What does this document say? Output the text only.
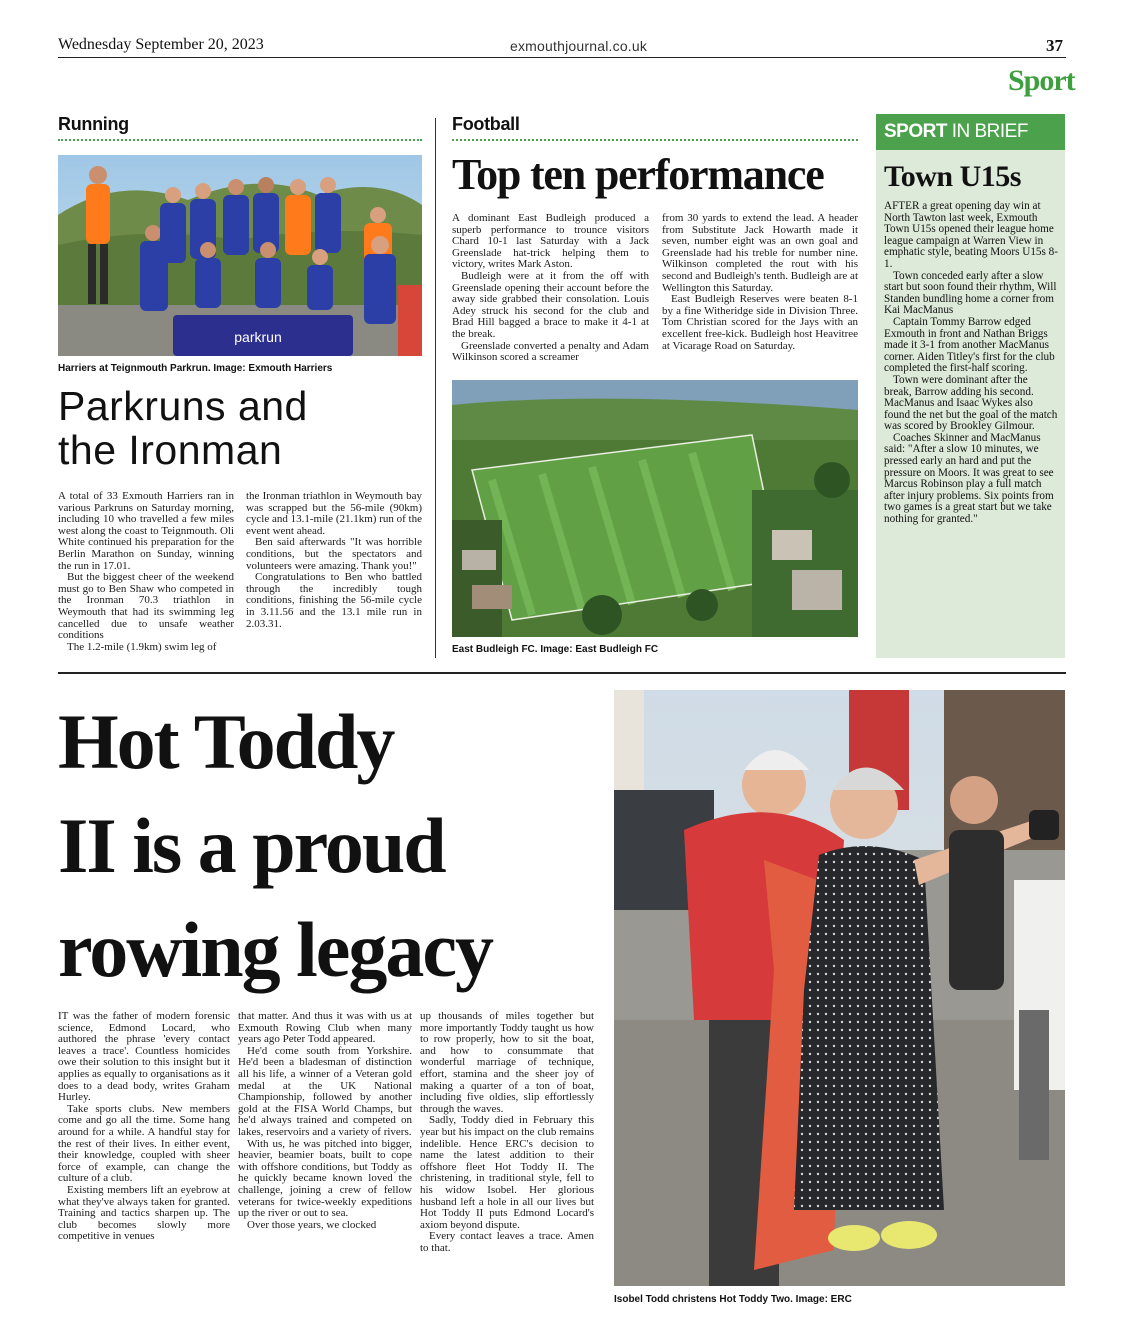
Wednesday September 20, 2023	exmouthjournal.co.uk	37
Sport
Running
parkrun
Harriers at Teignmouth Parkrun. Image: Exmouth Harriers
Parkruns and
the Ironman

A total of 33 Exmouth Harriers ran in various Parkruns on Saturday morning, including 10 who travelled a few miles west along the coast to Teignmouth. Oli White continued his preparation for the Berlin Marathon on Sunday, winning the run in 17.01.

But the biggest cheer of the weekend must go to Ben Shaw who competed in the Ironman 70.3 triathlon in Weymouth that had its swimming leg cancelled due to unsafe weather conditions

The 1.2-mile (1.9km) swim leg of

the Ironman triathlon in Weymouth bay was scrapped but the 56-mile (90km) cycle and 13.1-mile (21.1km) run of the event went ahead.

Ben said afterwards "It was horrible conditions, but the spectators and volunteers were amazing. Thank you!"

Congratulations to Ben who battled through the incredibly tough conditions, finishing the 56-mile cycle in 3.11.56 and the 13.1 mile run in 2.03.31.

Football
Top ten performance

A dominant East Budleigh produced a superb performance to trounce visitors Chard 10-1 last Saturday with a Jack Greenslade hat-trick helping them to victory, writes Mark Aston.

Budleigh were at it from the off with Greenslade opening their account before the away side grabbed their consolation. Louis Adey struck his second for the club and Brad Hill bagged a brace to make it 4-1 at the break.

Greenslade converted a penalty and Adam Wilkinson scored a screamer

from 30 yards to extend the lead. A header from Substitute Jack Howarth made it seven, number eight was an own goal and Greenslade had his treble for number nine. Wilkinson completed the rout with his second and Budleigh's tenth. Budleigh are at Wellington this Saturday.

East Budleigh Reserves were beaten 8-1 by a fine Witheridge side in Division Three. Tom Christian scored for the Jays with an excellent free-kick. Budleigh host Heavitree at Vicarage Road on Saturday.

East Budleigh FC. Image: East Budleigh FC
SPORT IN BRIEF
Town U15s

AFTER a great opening day win at North Tawton last week, Exmouth Town U15s opened their league home league campaign at Warren View in emphatic style, beating Moors U15s 8-1.

Town conceded early after a slow start but soon found their rhythm, Will Standen bundling home a corner from Kai MacManus

Captain Tommy Barrow edged Exmouth in front and Nathan Briggs made it 3-1 from another MacManus corner. Aiden Titley's first for the club completed the first-half scoring.

Town were dominant after the break, Barrow adding his second. MacManus and Isaac Wykes also found the net but the goal of the match was scored by Brookley Gilmour.

Coaches Skinner and MacManus said: "After a slow 10 minutes, we pressed early an hard and put the pressure on Moors. It was great to see Marcus Robinson play a full match after injury problems. Six points from two games is a great start but we take nothing for granted."

Hot Toddy
II is a proud
rowing legacy

IT was the father of modern forensic science, Edmond Locard, who authored the phrase 'every contact leaves a trace'. Countless homicides owe their solution to this insight but it applies as equally to organisations as it does to a dead body, writes Graham Hurley.

Take sports clubs. New members come and go all the time. Some hang around for a while. A handful stay for the rest of their lives. In either event, their knowledge, coupled with sheer force of example, can change the culture of a club.

Existing members lift an eyebrow at what they've always taken for granted. Training and tactics sharpen up. The club becomes slowly more competitive in venues

that matter. And thus it was with us at Exmouth Rowing Club when many years ago Peter Todd appeared.

He'd come south from Yorkshire. He'd been a bladesman of distinction all his life, a winner of a Veteran gold medal at the UK National Championship, followed by another gold at the FISA World Champs, but he'd always trained and competed on lakes, reservoirs and a variety of rivers.

With us, he was pitched into bigger, heavier, beamier boats, built to cope with offshore conditions, but Toddy as he quickly became known loved the challenge, joining a crew of fellow veterans for twice-weekly expeditions up the river or out to sea.

Over those years, we clocked

up thousands of miles together but more importantly Toddy taught us how to row properly, how to sit the boat, and how to consummate that wonderful marriage of technique, effort, stamina and the sheer joy of making a quarter of a ton of boat, including five oldies, slip effortlessly through the waves.

Sadly, Toddy died in February this year but his impact on the club remains indelible. Hence ERC's decision to name the latest addition to their offshore fleet Hot Toddy II. The christening, in traditional style, fell to his widow Isobel. Her glorious husband left a hole in all our lives but Hot Toddy II puts Edmond Locard's axiom beyond dispute.

Every contact leaves a trace. Amen to that.

Isobel Todd christens Hot Toddy Two. Image: ERC
